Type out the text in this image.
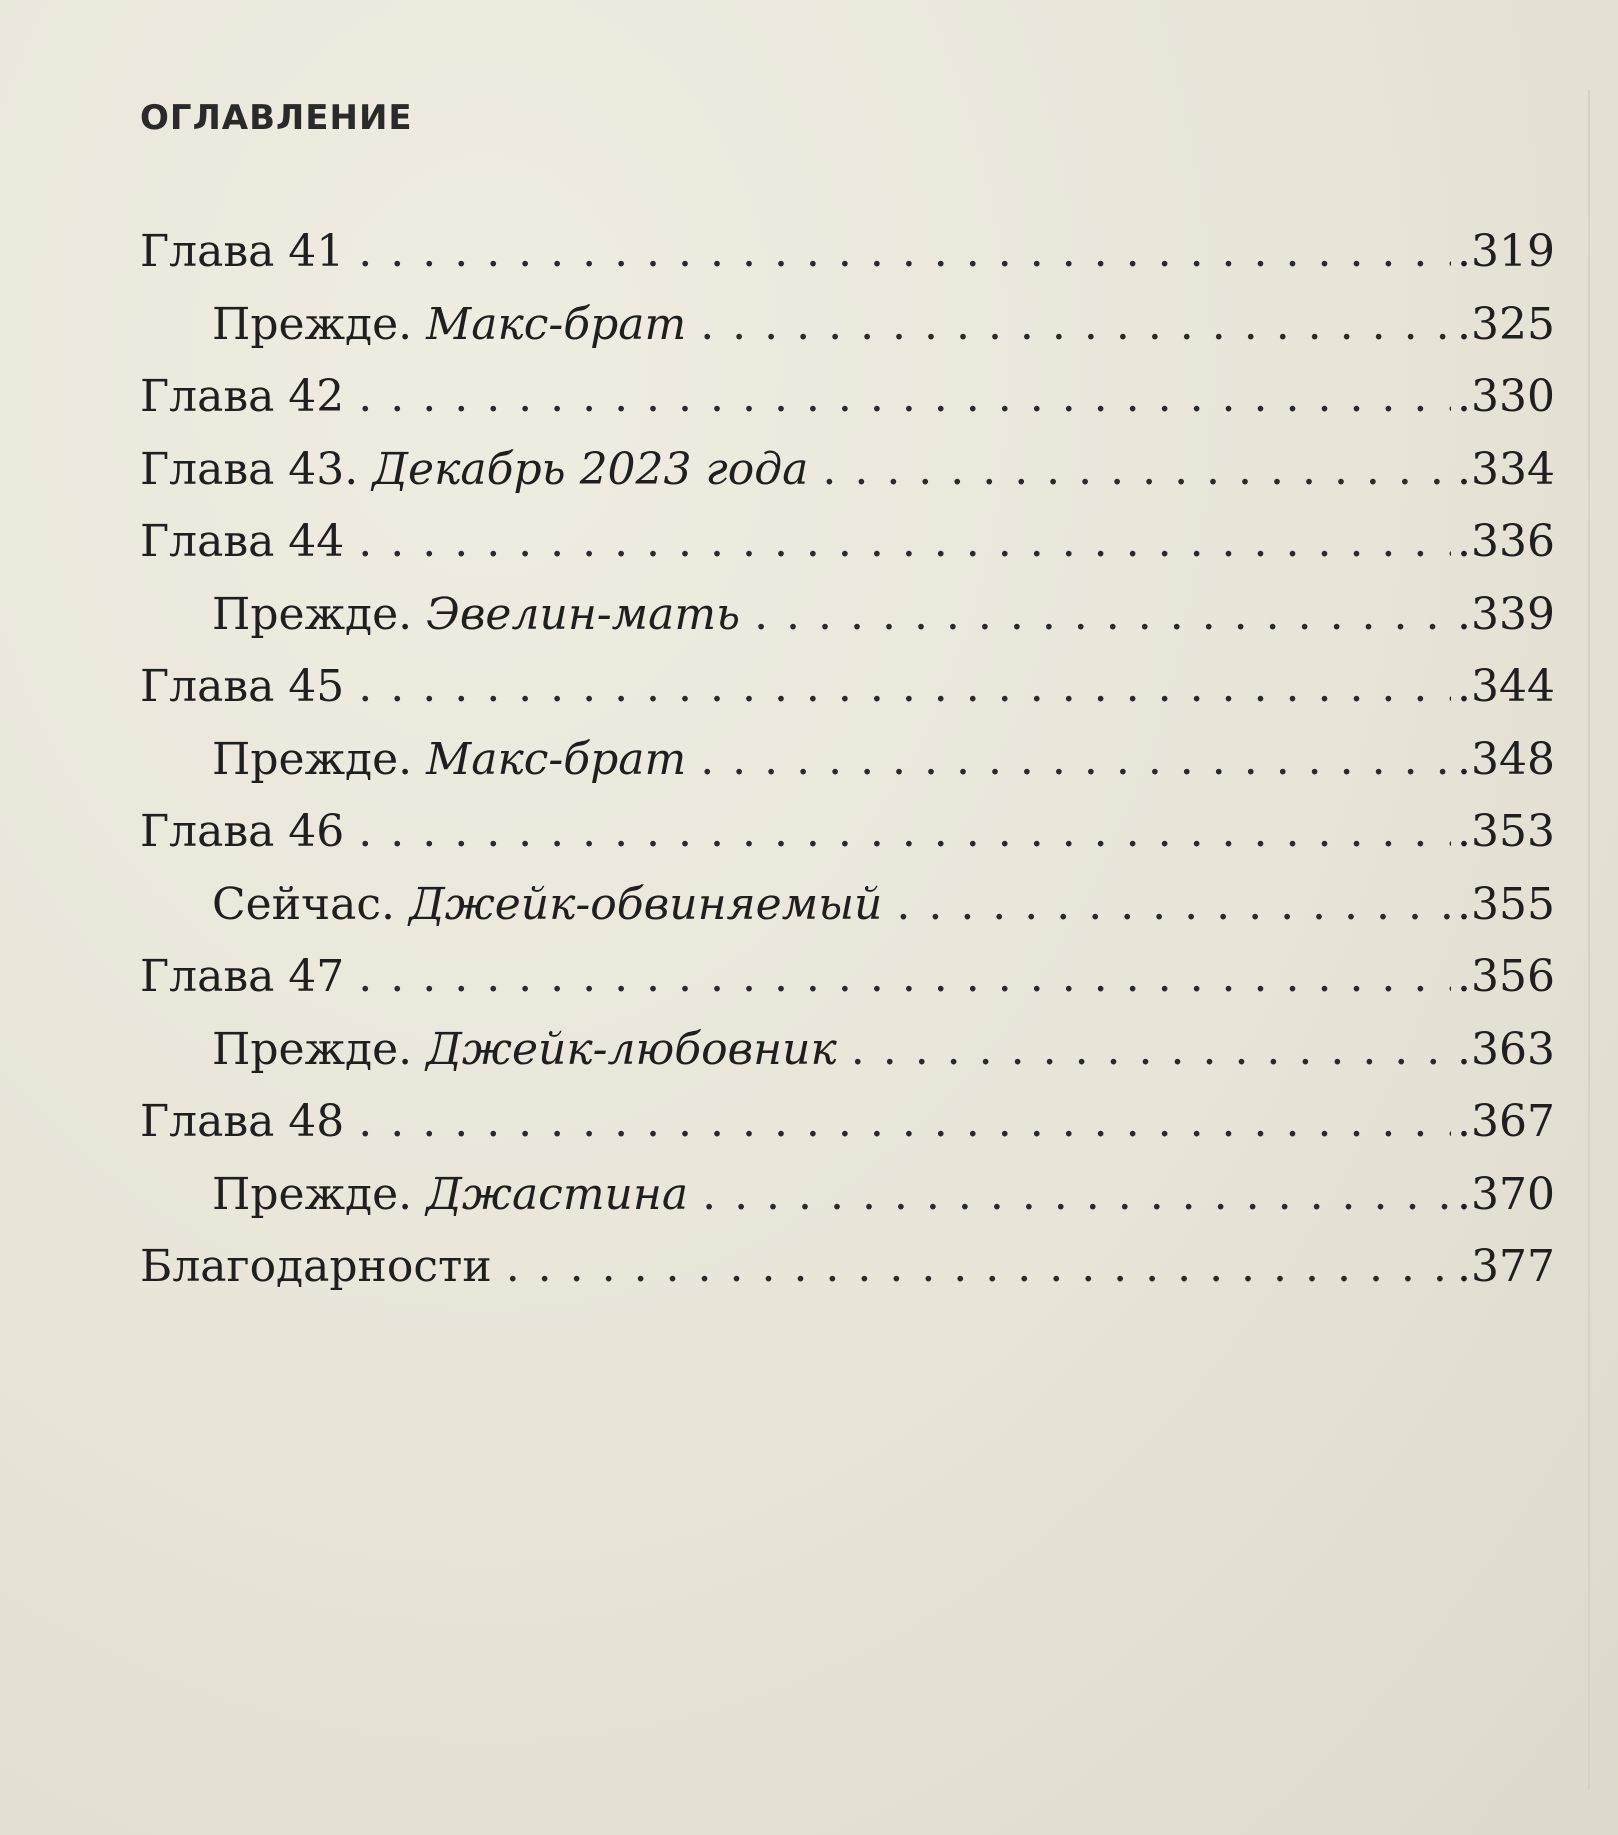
ОГЛАВЛЕНИЕ
Глава 41 . . .	.319
Прежде. Макс-брат . . .	.325
Глава 42 . . .	.330
Глава 43. Декабрь 2023 года . . .	.334
Глава 44 . . .	.336
Прежде. Эвелин-мать . . .	.339
Глава 45 . . .	.344
Прежде. Макс-брат . . .	.348
Глава 46 . . .	.353
Сейчас. Джейк-обвиняемый . . .	.355
Глава 47 . . .	.356
Прежде. Джейк-любовник . . .	.363
Глава 48 . . .	.367
Прежде. Джастина . . .	.370
Благодарности . . .	.377
